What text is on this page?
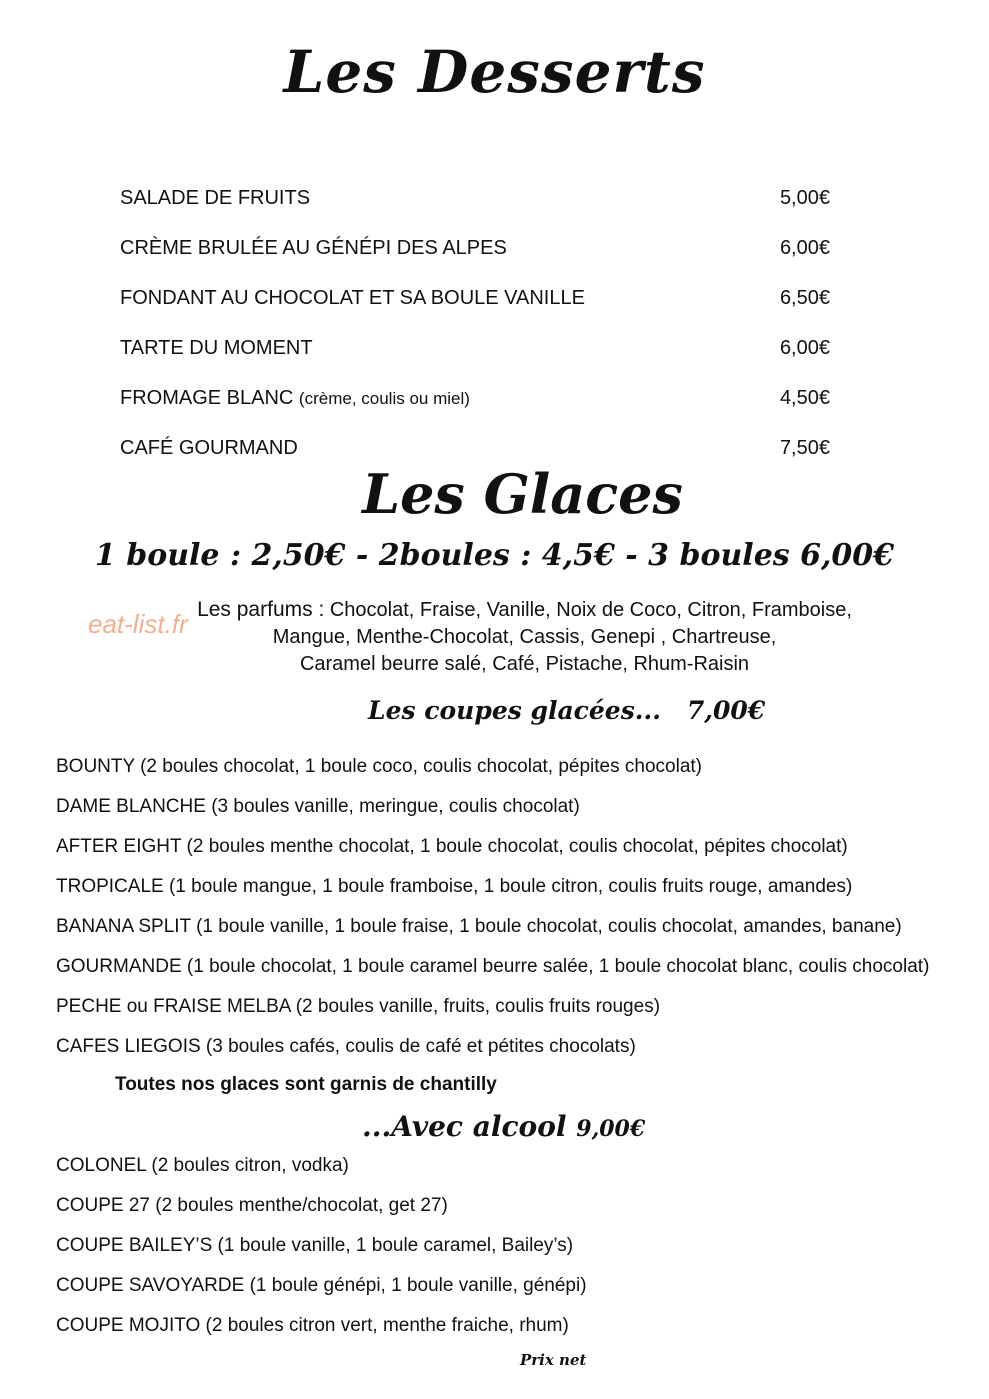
Les Desserts
SALADE DE FRUITS	5,00€
CRÈME BRULÉE AU GÉNÉPI DES ALPES	6,00€
FONDANT AU CHOCOLAT ET SA BOULE VANILLE	6,50€
TARTE DU MOMENT	6,00€
FROMAGE BLANC (crème, coulis ou miel)	4,50€
CAFÉ GOURMAND	7,50€
Les Glaces
1 boule : 2,50€ - 2boules : 4,5€ - 3 boules 6,00€
Les parfums : Chocolat, Fraise, Vanille, Noix de Coco, Citron, Framboise,
Mangue, Menthe-Chocolat, Cassis, Genepi , Chartreuse,
Caramel beurre salé, Café, Pistache, Rhum-Raisin
eat-list.fr
Les coupes glacées... 7,00€
BOUNTY (2 boules chocolat, 1 boule coco, coulis chocolat, pépites chocolat)
DAME BLANCHE (3 boules vanille, meringue, coulis chocolat)
AFTER EIGHT (2 boules menthe chocolat, 1 boule chocolat, coulis chocolat, pépites chocolat)
TROPICALE (1 boule mangue, 1 boule framboise, 1 boule citron, coulis fruits rouge, amandes)
BANANA SPLIT (1 boule vanille, 1 boule fraise, 1 boule chocolat, coulis chocolat, amandes, banane)
GOURMANDE (1 boule chocolat, 1 boule caramel beurre salée, 1 boule chocolat blanc, coulis chocolat)
PECHE ou FRAISE MELBA (2 boules vanille, fruits, coulis fruits rouges)
CAFES LIEGOIS (3 boules cafés, coulis de café et pétites chocolats)
Toutes nos glaces sont garnis de chantilly
...Avec alcool 9,00€
COLONEL (2 boules citron, vodka)
COUPE 27 (2 boules menthe/chocolat, get 27)
COUPE BAILEY’S (1 boule vanille, 1 boule caramel, Bailey’s)
COUPE SAVOYARDE (1 boule génépi, 1 boule vanille, génépi)
COUPE MOJITO (2 boules citron vert, menthe fraiche, rhum)
Prix net
